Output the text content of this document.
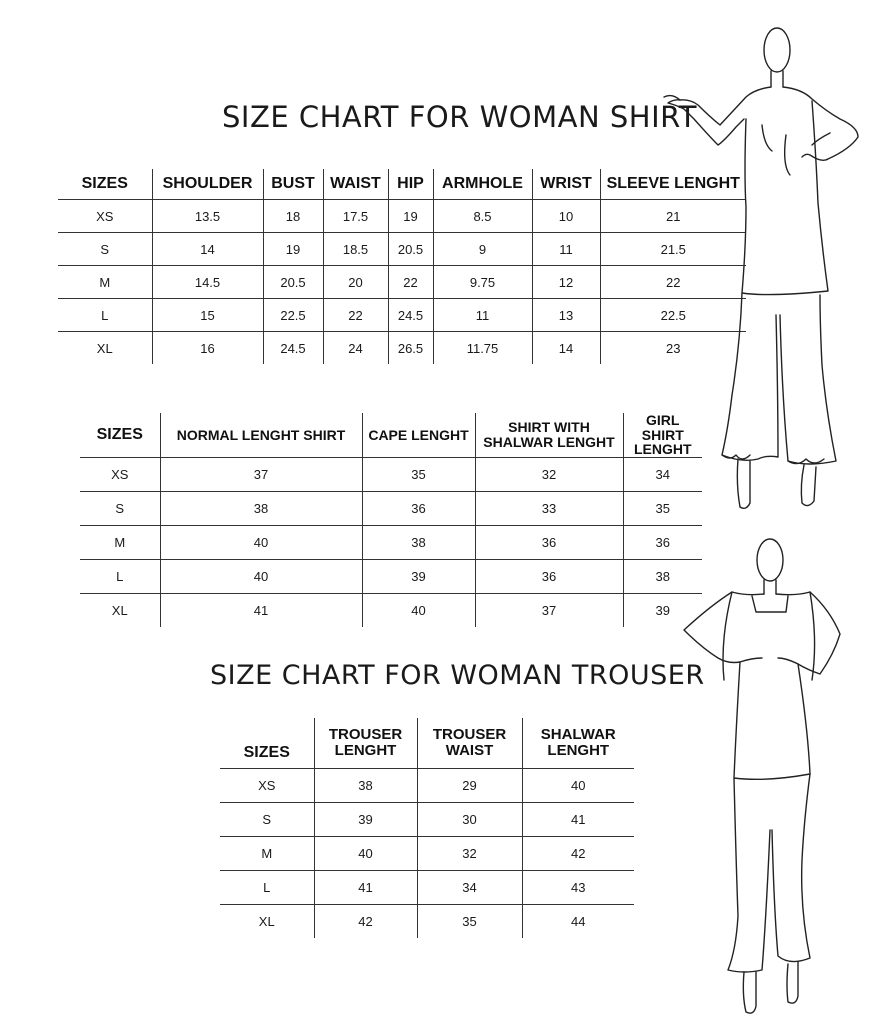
SIZE CHART FOR WOMAN SHIRT
SIZES	SHOULDER	BUST	WAIST	HIP	ARMHOLE	WRIST	SLEEVE LENGHT
XS	13.5	18	17.5	19	8.5	10	21
S	14	19	18.5	20.5	9	11	21.5
M	14.5	20.5	20	22	9.75	12	22
L	15	22.5	22	24.5	11	13	22.5
XL	16	24.5	24	26.5	11.75	14	23
SIZES	NORMAL LENGHT SHIRT	CAPE LENGHT	SHIRT WITH SHALWAR LENGHT	GIRL SHIRT LENGHT
XS	37	35	32	34
S	38	36	33	35
M	40	38	36	36
L	40	39	36	38
XL	41	40	37	39
SIZE CHART FOR WOMAN TROUSER
SIZES	TROUSER LENGHT	TROUSER WAIST	SHALWAR LENGHT
XS	38	29	40
S	39	30	41
M	40	32	42
L	41	34	43
XL	42	35	44
